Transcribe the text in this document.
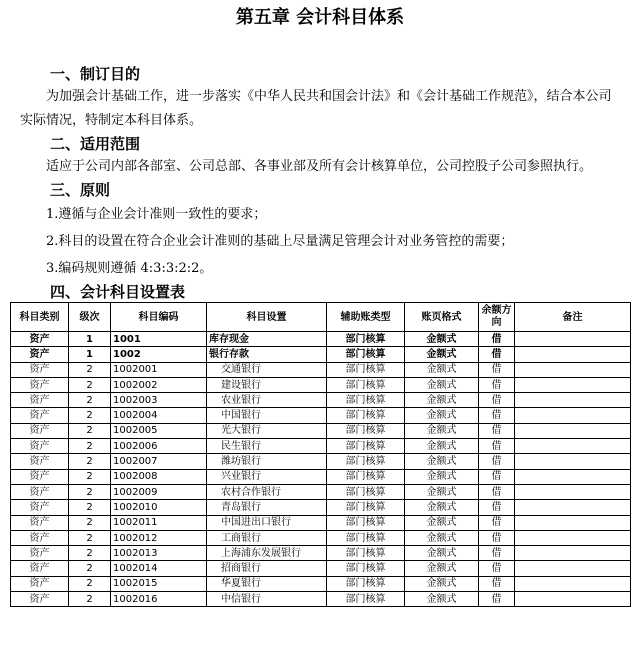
第五章 会计科目体系
一、制订目的

为加强会计基础工作，进一步落实《中华人民共和国会计法》和《会计基础工作规范》，结合本公司实际情况，特制定本科目体系。

二、适用范围

适应于公司内部各部室、公司总部、各事业部及所有会计核算单位，公司控股子公司参照执行。

三、原则

1.遵循与企业会计准则一致性的要求；

2.科目的设置在符合企业会计准则的基础上尽量满足管理会计对业务管控的需要；

3.编码规则遵循 4:3:3:2:2。

四、会计科目设置表
科目类别	级次	科目编码	科目设置	辅助账类型	账页格式	余额方向	备注
资产	1	1001	库存现金	部门核算	金额式	借	
资产	1	1002	银行存款	部门核算	金额式	借	
资产	2	1002001	交通银行	部门核算	金额式	借	
资产	2	1002002	建设银行	部门核算	金额式	借	
资产	2	1002003	农业银行	部门核算	金额式	借	
资产	2	1002004	中国银行	部门核算	金额式	借	
资产	2	1002005	光大银行	部门核算	金额式	借	
资产	2	1002006	民生银行	部门核算	金额式	借	
资产	2	1002007	潍坊银行	部门核算	金额式	借	
资产	2	1002008	兴业银行	部门核算	金额式	借	
资产	2	1002009	农村合作银行	部门核算	金额式	借	
资产	2	1002010	青岛银行	部门核算	金额式	借	
资产	2	1002011	中国进出口银行	部门核算	金额式	借	
资产	2	1002012	工商银行	部门核算	金额式	借	
资产	2	1002013	上海浦东发展银行	部门核算	金额式	借	
资产	2	1002014	招商银行	部门核算	金额式	借	
资产	2	1002015	华夏银行	部门核算	金额式	借	
资产	2	1002016	中信银行	部门核算	金额式	借	
